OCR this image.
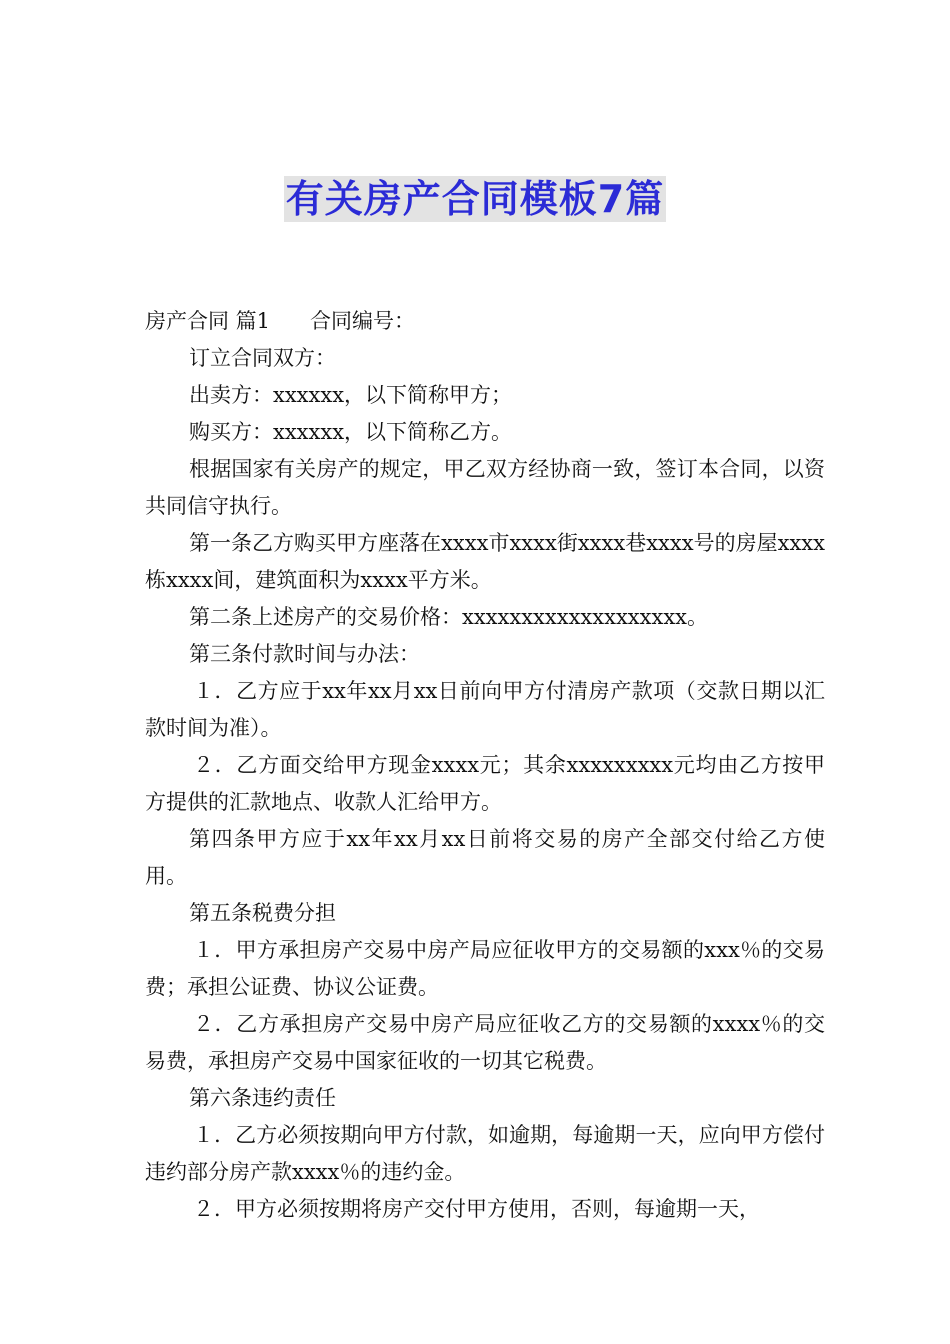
有关房产合同模板7篇

房产合同 篇1 合同编号：

订立合同双方：

出卖方：xxxxxx，以下简称甲方；

购买方：xxxxxx，以下简称乙方。

根据国家有关房产的规定，甲乙双方经协商一致，签订本合同，以资共同信守执行。

第一条乙方购买甲方座落在xxxx市xxxx街xxxx巷xxxx号的房屋xxxx栋xxxx间，建筑面积为xxxx平方米。

第二条上述房产的交易价格：xxxxxxxxxxxxxxxxxxx。

第三条付款时间与办法：

１．乙方应于xx年xx月xx日前向甲方付清房产款项（交款日期以汇款时间为准）。

２．乙方面交给甲方现金xxxx元；其余xxxxxxxxx元均由乙方按甲方提供的汇款地点、收款人汇给甲方。

第四条甲方应于xx年xx月xx日前将交易的房产全部交付给乙方使用。

第五条税费分担

１．甲方承担房产交易中房产局应征收甲方的交易额的xxx％的交易费；承担公证费、协议公证费。

２．乙方承担房产交易中房产局应征收乙方的交易额的xxxx％的交易费，承担房产交易中国家征收的一切其它税费。

第六条违约责任

１．乙方必须按期向甲方付款，如逾期，每逾期一天，应向甲方偿付违约部分房产款xxxx％的违约金。

２．甲方必须按期将房产交付甲方使用，否则，每逾期一天，
